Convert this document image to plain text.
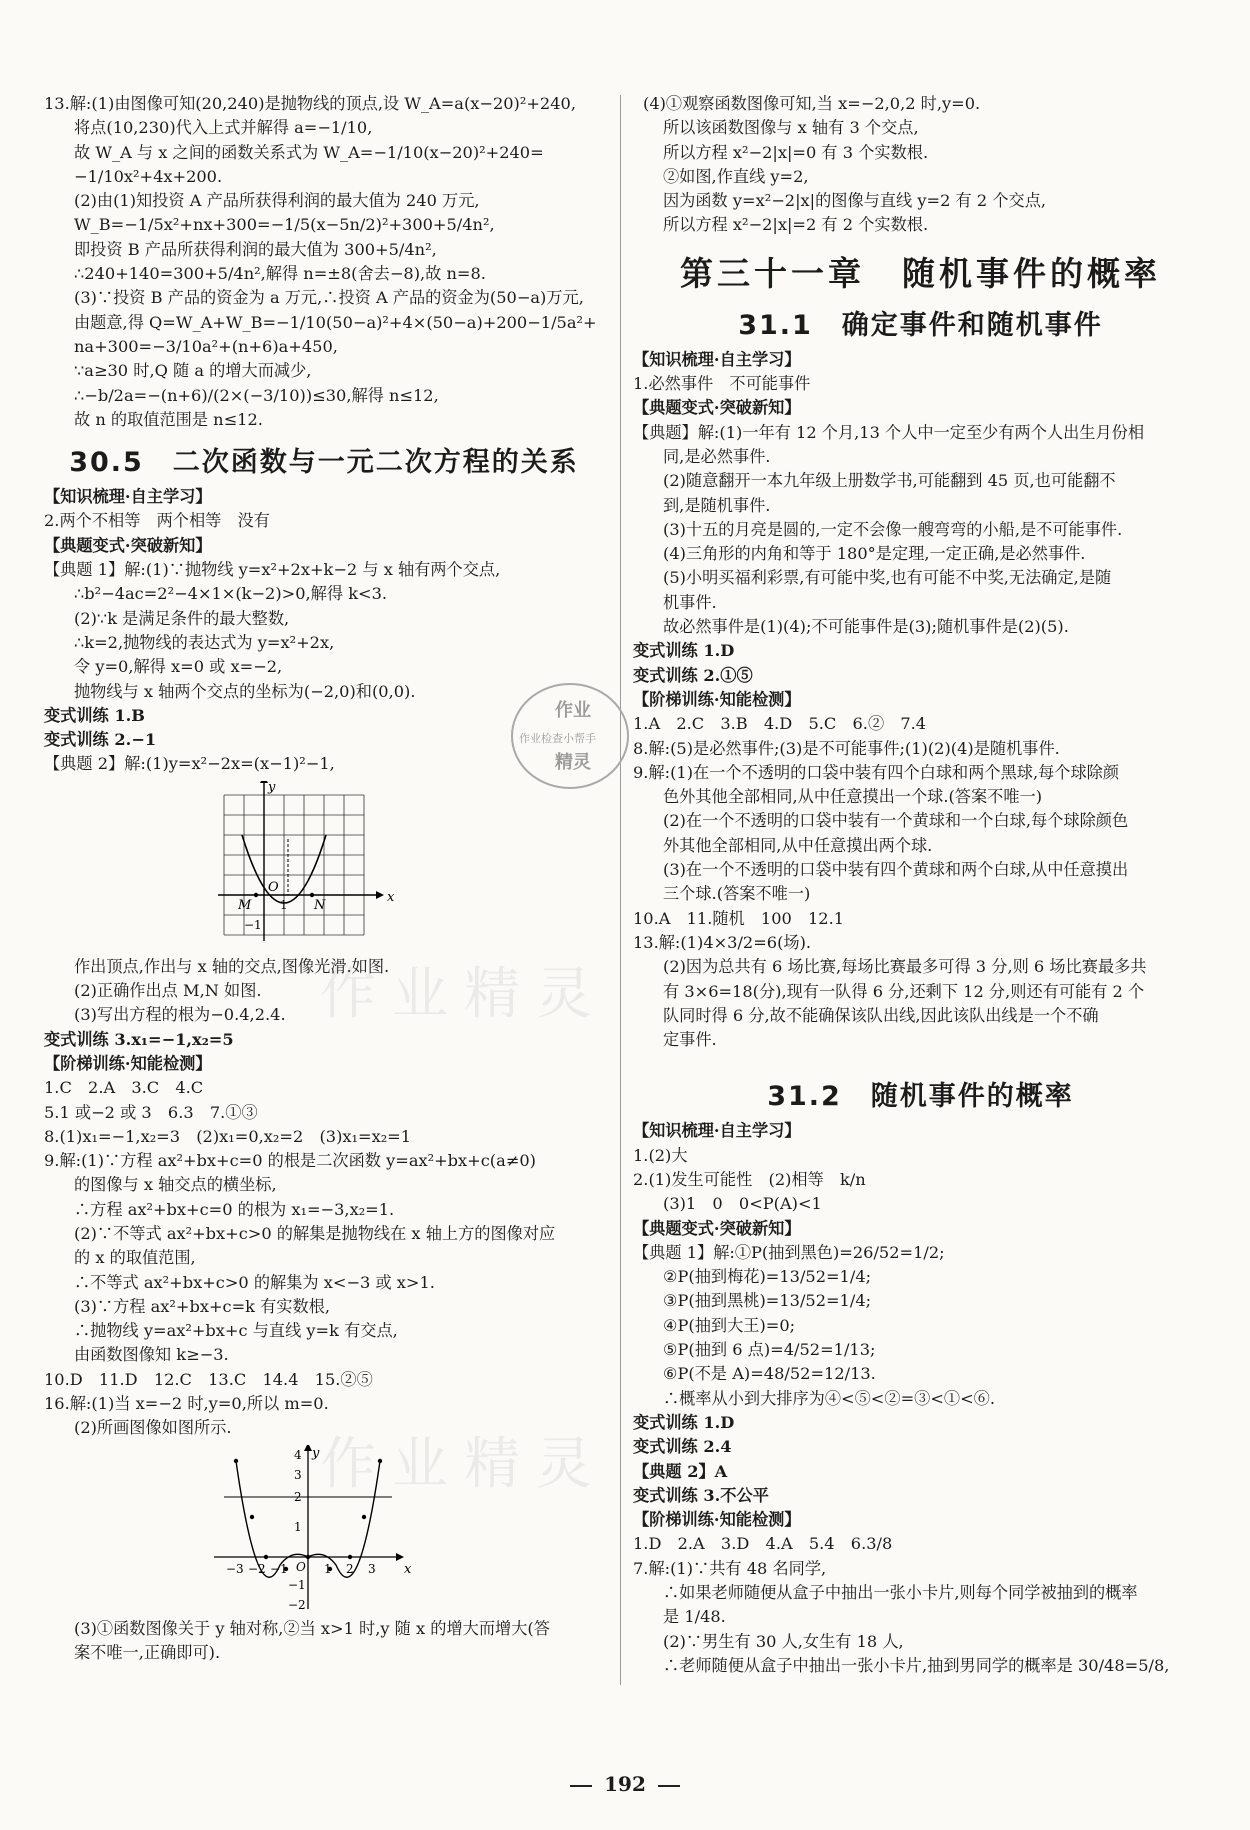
13.解:(1)由图像可知(20,240)是抛物线的顶点,设 W_A=a(x−20)²+240,
将点(10,230)代入上式并解得 a=−1/10,
故 W_A 与 x 之间的函数关系式为 W_A=−1/10(x−20)²+240=
−1/10x²+4x+200.
(2)由(1)知投资 A 产品所获得利润的最大值为 240 万元,
W_B=−1/5x²+nx+300=−1/5(x−5n/2)²+300+5/4n²,
即投资 B 产品所获得利润的最大值为 300+5/4n²,
∴240+140=300+5/4n²,解得 n=±8(舍去−8),故 n=8.
(3)∵投资 B 产品的资金为 a 万元,∴投资 A 产品的资金为(50−a)万元,
由题意,得 Q=W_A+W_B=−1/10(50−a)²+4×(50−a)+200−1/5a²+
na+300=−3/10a²+(n+6)a+450,
∵a≥30 时,Q 随 a 的增大而减少,
∴−b/2a=−(n+6)/(2×(−3/10))≤30,解得 n≤12,
故 n 的取值范围是 n≤12.
30.5　二次函数与一元二次方程的关系
【知识梳理·自主学习】
2.两个不相等　两个相等　没有
【典题变式·突破新知】
【典题 1】解:(1)∵抛物线 y=x²+2x+k−2 与 x 轴有两个交点,
∴b²−4ac=2²−4×1×(k−2)>0,解得 k<3.
(2)∵k 是满足条件的最大整数,
∴k=2,抛物线的表达式为 y=x²+2x,
令 y=0,解得 x=0 或 x=−2,
抛物线与 x 轴两个交点的坐标为(−2,0)和(0,0).
变式训练 1.B
变式训练 2.−1
【典题 2】解:(1)y=x²−2x=(x−1)²−1,
y
x
O
M	N
1
−1
作出顶点,作出与 x 轴的交点,图像光滑.如图.
(2)正确作出点 M,N 如图.
(3)写出方程的根为−0.4,2.4.
变式训练 3.x₁=−1,x₂=5
【阶梯训练·知能检测】
1.C　2.A　3.C　4.C
5.1 或−2 或 3　6.3　7.①③
8.(1)x₁=−1,x₂=3　(2)x₁=0,x₂=2　(3)x₁=x₂=1
9.解:(1)∵方程 ax²+bx+c=0 的根是二次函数 y=ax²+bx+c(a≠0)
的图像与 x 轴交点的横坐标,
∴方程 ax²+bx+c=0 的根为 x₁=−3,x₂=1.
(2)∵不等式 ax²+bx+c>0 的解集是抛物线在 x 轴上方的图像对应
的 x 的取值范围,
∴不等式 ax²+bx+c>0 的解集为 x<−3 或 x>1.
(3)∵方程 ax²+bx+c=k 有实数根,
∴抛物线 y=ax²+bx+c 与直线 y=k 有交点,
由函数图像知 k≥−3.
10.D　11.D　12.C　13.C　14.4　15.②⑤
16.解:(1)当 x=−2 时,y=0,所以 m=0.
(2)所画图像如图所示.
y
x
O
−3 −2 −1	1 2 3
4
3
2
1
−1
−2
(3)①函数图像关于 y 轴对称,②当 x>1 时,y 随 x 的增大而增大(答
案不唯一,正确即可).
(4)①观察函数图像可知,当 x=−2,0,2 时,y=0.
所以该函数图像与 x 轴有 3 个交点,
所以方程 x²−2|x|=0 有 3 个实数根.
②如图,作直线 y=2,
因为函数 y=x²−2|x|的图像与直线 y=2 有 2 个交点,
所以方程 x²−2|x|=2 有 2 个实数根.
第三十一章　随机事件的概率
31.1　确定事件和随机事件
【知识梳理·自主学习】
1.必然事件　不可能事件
【典题变式·突破新知】
【典题】解:(1)一年有 12 个月,13 个人中一定至少有两个人出生月份相
同,是必然事件.
(2)随意翻开一本九年级上册数学书,可能翻到 45 页,也可能翻不
到,是随机事件.
(3)十五的月亮是圆的,一定不会像一艘弯弯的小船,是不可能事件.
(4)三角形的内角和等于 180°是定理,一定正确,是必然事件.
(5)小明买福利彩票,有可能中奖,也有可能不中奖,无法确定,是随
机事件.
故必然事件是(1)(4);不可能事件是(3);随机事件是(2)(5).
变式训练 1.D
变式训练 2.①⑤
【阶梯训练·知能检测】
1.A　2.C　3.B　4.D　5.C　6.②　7.4
8.解:(5)是必然事件;(3)是不可能事件;(1)(2)(4)是随机事件.
9.解:(1)在一个不透明的口袋中装有四个白球和两个黑球,每个球除颜
色外其他全部相同,从中任意摸出一个球.(答案不唯一)
(2)在一个不透明的口袋中装有一个黄球和一个白球,每个球除颜色
外其他全部相同,从中任意摸出两个球.
(3)在一个不透明的口袋中装有四个黄球和两个白球,从中任意摸出
三个球.(答案不唯一)
10.A　11.随机　100　12.1
13.解:(1)4×3/2=6(场).
(2)因为总共有 6 场比赛,每场比赛最多可得 3 分,则 6 场比赛最多共
有 3×6=18(分),现有一队得 6 分,还剩下 12 分,则还有可能有 2 个
队同时得 6 分,故不能确保该队出线,因此该队出线是一个不确
定事件.
31.2　随机事件的概率
【知识梳理·自主学习】
1.(2)大
2.(1)发生可能性　(2)相等　k/n
(3)1　0　0<P(A)<1
【典题变式·突破新知】
【典题 1】解:①P(抽到黑色)=26/52=1/2;
②P(抽到梅花)=13/52=1/4;
③P(抽到黑桃)=13/52=1/4;
④P(抽到大王)=0;
⑤P(抽到 6 点)=4/52=1/13;
⑥P(不是 A)=48/52=12/13.
∴概率从小到大排序为④<⑤<②=③<①<⑥.
变式训练 1.D
变式训练 2.4
【典题 2】A
变式训练 3.不公平
【阶梯训练·知能检测】
1.D　2.A　3.D　4.A　5.4　6.3/8
7.解:(1)∵共有 48 名同学,
∴如果老师随便从盒子中抽出一张小卡片,则每个同学被抽到的概率
是 1/48.
(2)∵男生有 30 人,女生有 18 人,
∴老师随便从盒子中抽出一张小卡片,抽到男同学的概率是 30/48=5/8,
作业
作业检查小帮手
精灵
作业精灵
作业精灵
192
